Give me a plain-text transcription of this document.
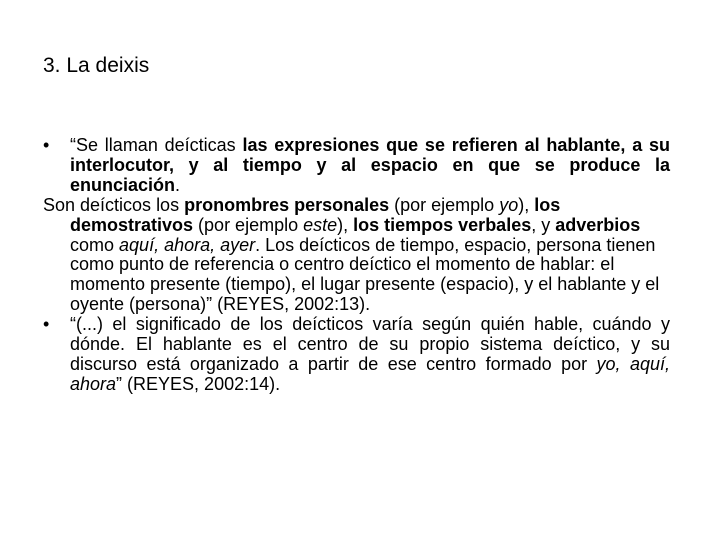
3. La deixis
• “Se llaman deícticas las expresiones que se refieren al hablante, a su interlocutor, y al tiempo y al espacio en que se produce la enunciación.
Son deícticos los pronombres personales (por ejemplo yo), los demostrativos (por ejemplo este), los tiempos verbales, y adverbios como aquí, ahora, ayer. Los deícticos de tiempo, espacio, persona tienen como punto de referencia o centro deíctico el momento de hablar: el momento presente (tiempo), el lugar presente (espacio), y el hablante y el oyente (persona)” (REYES, 2002:13).
• “(...) el significado de los deícticos varía según quién hable, cuándo y dónde. El hablante es el centro de su propio sistema deíctico, y su discurso está organizado a partir de ese centro formado por yo, aquí, ahora” (REYES, 2002:14).
